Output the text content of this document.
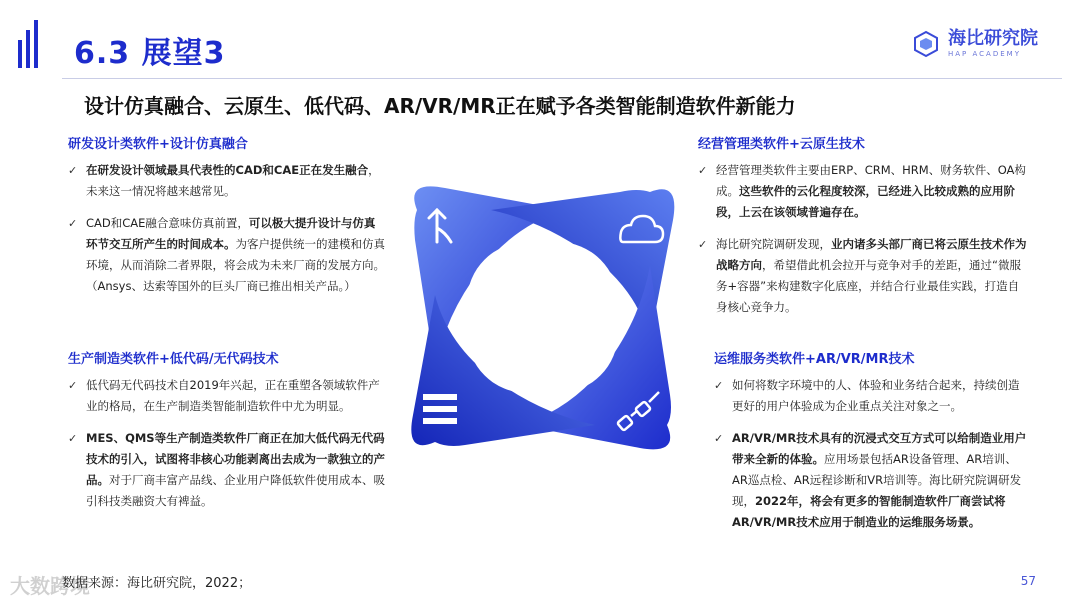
6.3 展望3	海比研究院
HAP ACADEMY
设计仿真融合、云原生、低代码、AR/VR/MR正在赋予各类智能制造软件新能力
研发设计类软件+设计仿真融合
✓ 在研发设计领域最具代表性的CAD和CAE正在发生融合，未来这一情况将越来越常见。
✓ CAD和CAE融合意味仿真前置，可以极大提升设计与仿真环节交互所产生的时间成本。为客户提供统一的建模和仿真环境，从而消除二者界限，将会成为未来厂商的发展方向。（Ansys、达索等国外的巨头厂商已推出相关产品。）
生产制造类软件+低代码/无代码技术
✓ 低代码无代码技术自2019年兴起，正在重塑各领域软件产业的格局，在生产制造类智能制造软件中尤为明显。
✓ MES、QMS等生产制造类软件厂商正在加大低代码无代码技术的引入，试图将非核心功能剥离出去成为一款独立的产品。对于厂商丰富产品线、企业用户降低软件使用成本、吸引科技类融资大有裨益。
经营管理类软件+云原生技术
✓ 经营管理类软件主要由ERP、CRM、HRM、财务软件、OA构成。这些软件的云化程度较深，已经进入比较成熟的应用阶段，上云在该领域普遍存在。
✓ 海比研究院调研发现，业内诸多头部厂商已将云原生技术作为战略方向，希望借此机会拉开与竞争对手的差距，通过“微服务+容器”来构建数字化底座，并结合行业最佳实践，打造自身核心竞争力。
运维服务类软件+AR/VR/MR技术
✓ 如何将数字环境中的人、体验和业务结合起来，持续创造更好的用户体验成为企业重点关注对象之一。
✓ AR/VR/MR技术具有的沉浸式交互方式可以给制造业用户带来全新的体验。应用场景包括AR设备管理、AR培训、AR巡点检、AR远程诊断和VR培训等。海比研究院调研发现，2022年，将会有更多的智能制造软件厂商尝试将AR/VR/MR技术应用于制造业的运维服务场景。
大数跨境
数据来源：海比研究院，2022；	57
